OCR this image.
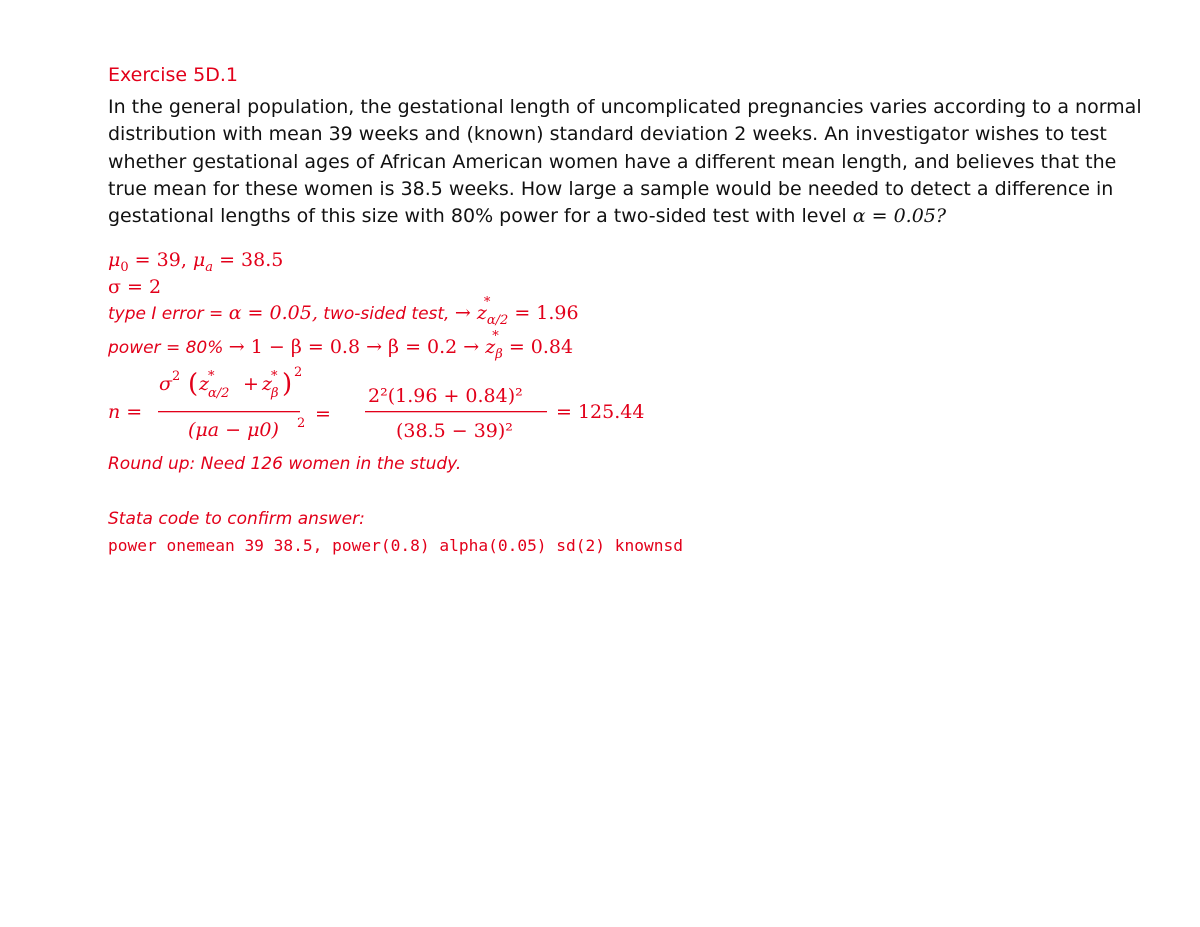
Exercise 5D.1
In the general population, the gestational length of uncomplicated pregnancies varies according to a normal
distribution with mean 39 weeks and (known) standard deviation 2 weeks. An investigator wishes to test
whether gestational ages of African American women have a different mean length, and believes that the
true mean for these women is 38.5 weeks. How large a sample would be needed to detect a difference in
gestational lengths of this size with 80% power for a two-sided test with level α = 0.05?
$\mu_0 = 39$, $\mu_a = 38.5$
σ = 2
type I error = α = 0.05, two-sided test, → z
*
$_{\alpha/2}$ = 1.96
power = 80% → 1 − β = 0.8 → β = 0.2 → z
*
$_\beta$ = 0.84
n =
σ 2 ( z
*
α/2 + z
*
β ) 2
(μa − μ0) 2 =
2²(1.96 + 0.84)²
(38.5 − 39)²
= 125.44
Round up: Need 126 women in the study.
Stata code to confirm answer:
power onemean 39 38.5, power(0.8) alpha(0.05) sd(2) knownsd
